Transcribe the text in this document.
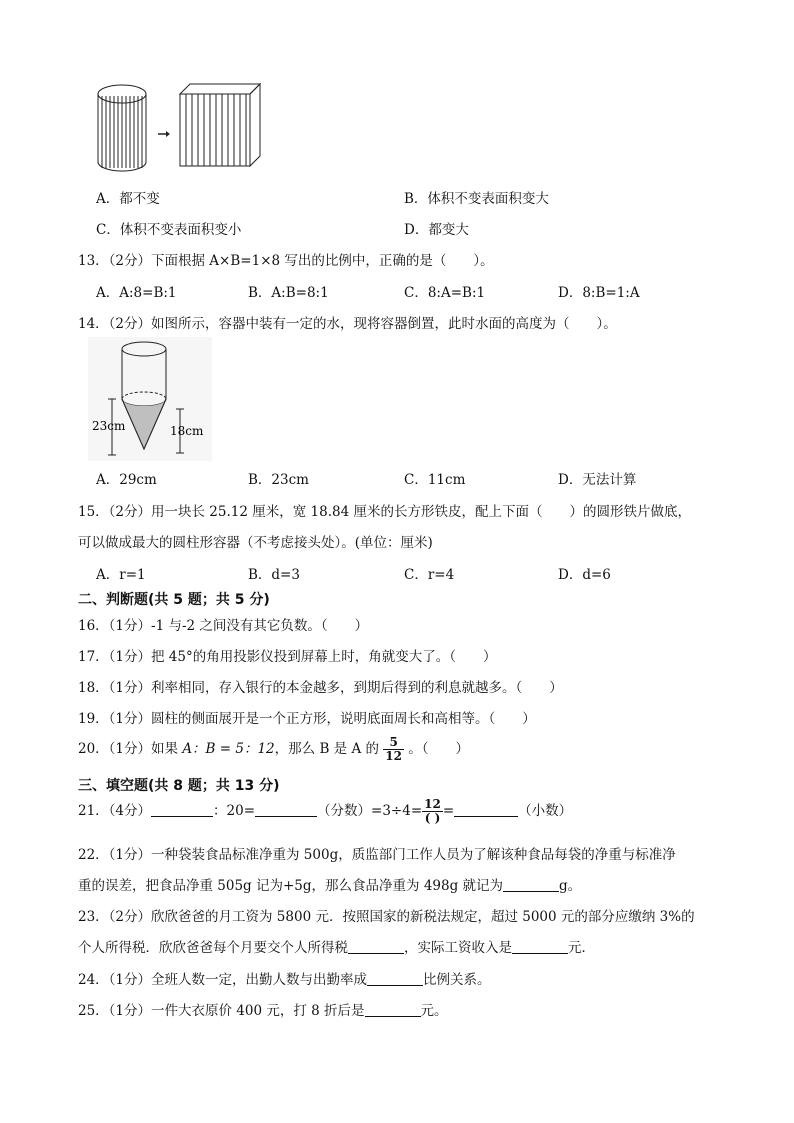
A．都不变	B．体积不变表面积变大
C．体积不变表面积变小	D．都变大
13．（2分）下面根据 A×B=1×8 写出的比例中，正确的是（　　）。
A．A:8=B:1	B．A:B=8:1	C．8:A=B:1	D．8:B=1:A
14．（2分）如图所示，容器中装有一定的水，现将容器倒置，此时水面的高度为（　　）。
23cm	18cm
A．29cm	B．23cm	C．11cm	D．无法计算
15．（2分）用一块长 25.12 厘米，宽 18.84 厘米的长方形铁皮，配上下面（　　）的圆形铁片做底，
可以做成最大的圆柱形容器（不考虑接头处）。(单位：厘米)
A．r=1	B．d=3	C．r=4	D．d=6
二、判断题(共 5 题；共 5 分)
16．（1分）-1 与-2 之间没有其它负数。（　　）
17．（1分）把 45°的角用投影仪投到屏幕上时，角就变大了。（　　）
18．（1分）利率相同，存入银行的本金越多，到期后得到的利息就越多。（　　）
19．（1分）圆柱的侧面展开是一个正方形，说明底面周长和高相等。（　　）
20．（1分）如果 A：B = 5：12，那么 B 是 A 的 $\frac{5}{12}$ 。（　　）
三、填空题(共 8 题；共 13 分)
21．（4分）	：20=	（分数）$=3\div 4= \frac{12}{( )}$ =	（小数）
22．（1分）一种袋装食品标准净重为 500g，质监部门工作人员为了解该种食品每袋的净重与标准净
重的误差，把食品净重 505g 记为+5g，那么食品净重为 498g 就记为	g。
23．（2分）欣欣爸爸的月工资为 5800 元．按照国家的新税法规定，超过 5000 元的部分应缴纳 3%的
个人所得税．欣欣爸爸每个月要交个人所得税	，实际工资收入是	元．
24．（1分）全班人数一定，出勤人数与出勤率成	比例关系。
25．（1分）一件大衣原价 400 元，打 8 折后是	元。
